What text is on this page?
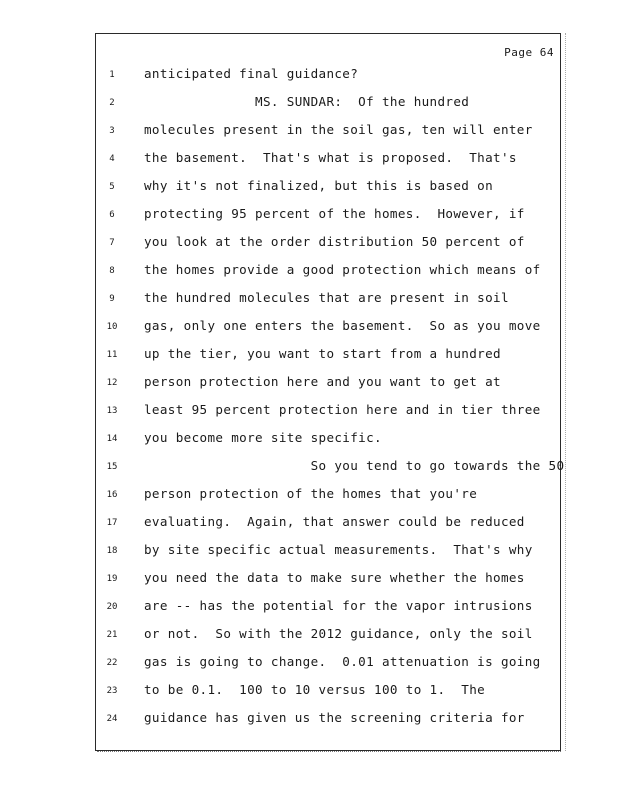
Page 64
1	anticipated final guidance?
2	MS. SUNDAR:  Of the hundred
3	molecules present in the soil gas, ten will enter
4	the basement.  That's what is proposed.  That's
5	why it's not finalized, but this is based on
6	protecting 95 percent of the homes.  However, if
7	you look at the order distribution 50 percent of
8	the homes provide a good protection which means of
9	the hundred molecules that are present in soil
10	gas, only one enters the basement.  So as you move
11	up the tier, you want to start from a hundred
12	person protection here and you want to get at
13	least 95 percent protection here and in tier three
14	you become more site specific.
15	So you tend to go towards the 50
16	person protection of the homes that you're
17	evaluating.  Again, that answer could be reduced
18	by site specific actual measurements.  That's why
19	you need the data to make sure whether the homes
20	are -- has the potential for the vapor intrusions
21	or not.  So with the 2012 guidance, only the soil
22	gas is going to change.  0.01 attenuation is going
23	to be 0.1.  100 to 10 versus 100 to 1.  The
24	guidance has given us the screening criteria for
